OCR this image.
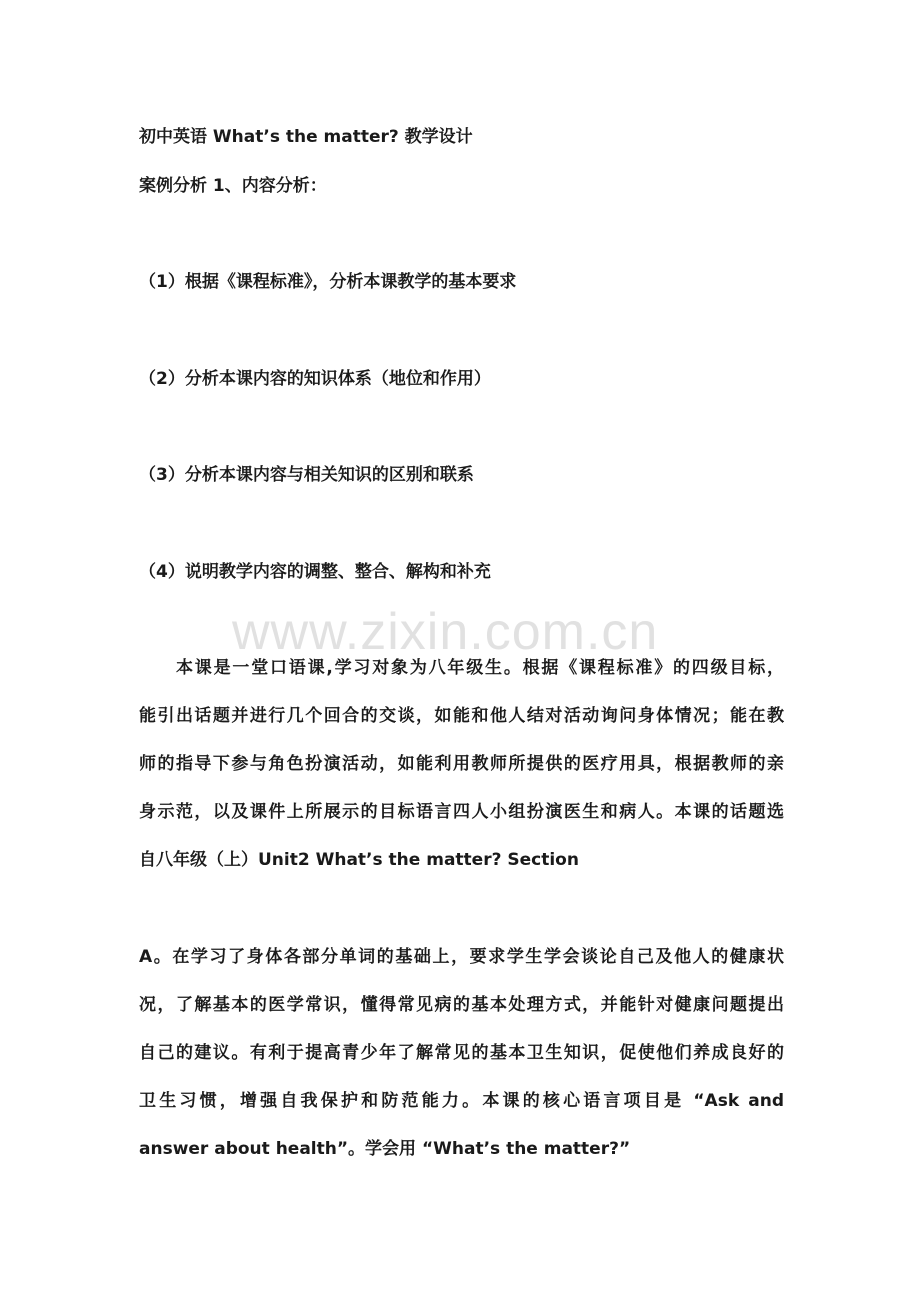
初中英语 What’s the matter? 教学设计
案例分析 1、内容分析：
（1）根据《课程标准》，分析本课教学的基本要求
（2）分析本课内容的知识体系（地位和作用）
（3）分析本课内容与相关知识的区别和联系
（4）说明教学内容的调整、整合、解构和补充
本课是一堂口语课,学习对象为八年级生。根据《课程标准》的四级目标，
能引出话题并进行几个回合的交谈，如能和他人结对活动询问身体情况；能在教
师的指导下参与角色扮演活动，如能利用教师所提供的医疗用具，根据教师的亲
身示范，以及课件上所展示的目标语言四人小组扮演医生和病人。本课的话题选
自八年级（上）Unit2 What’s the matter? Section
A。在学习了身体各部分单词的基础上，要求学生学会谈论自己及他人的健康状
况，了解基本的医学常识，懂得常见病的基本处理方式，并能针对健康问题提出
自己的建议。有利于提高青少年了解常见的基本卫生知识，促使他们养成良好的
卫生习惯，增强自我保护和防范能力。本课的核心语言项目是 “Ask and
answer about health”。学会用 “What’s the matter?”
www.zixin.com.cn
